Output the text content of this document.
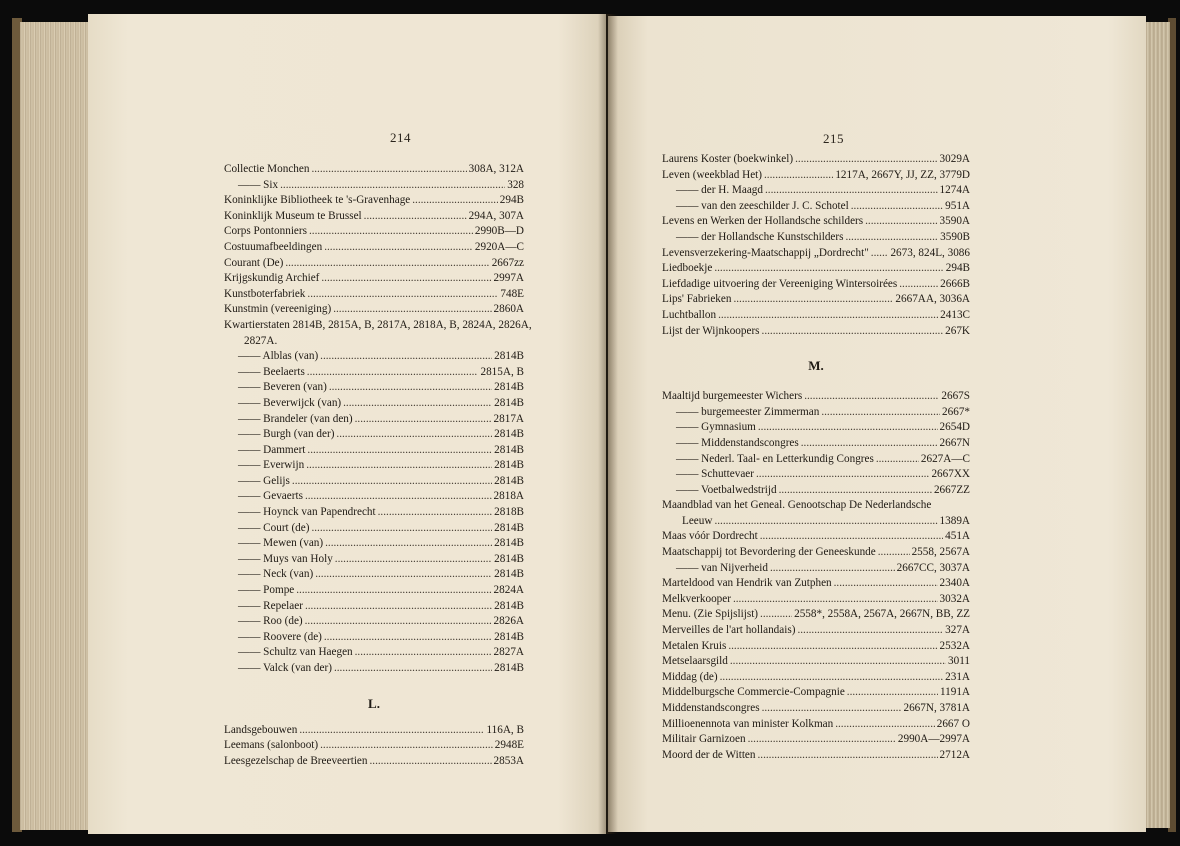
214
Collectie Monchen . . .	308A, 312A
—— Six . . .	328
Koninklijke Bibliotheek te 's-Gravenhage . . .	294B
Koninklijk Museum te Brussel . . .	294A, 307A
Corps Pontonniers . . .	2990B—D
Costuumafbeeldingen . . .	2920A—C
Courant (De) . . .	2667zz
Krijgskundig Archief . . .	2997A
Kunstboterfabriek . . .	748E
Kunstmin (vereeniging) . . .	2860A
Kwartierstaten 2814B, 2815A, B, 2817A, 2818A, B, 2824A, 2826A,
2827A.
—— Alblas (van) . . .	2814B
—— Beelaerts . . .	2815A, B
—— Beveren (van) . . .	2814B
—— Beverwijck (van) . . .	2814B
—— Brandeler (van den) . . .	2817A
—— Burgh (van der) . . .	2814B
—— Dammert . . .	2814B
—— Everwijn . . .	2814B
—— Gelijs . . .	2814B
—— Gevaerts . . .	2818A
—— Hoynck van Papendrecht . . .	2818B
—— Court (de) . . .	2814B
—— Mewen (van) . . .	2814B
—— Muys van Holy . . .	2814B
—— Neck (van) . . .	2814B
—— Pompe . . .	2824A
—— Repelaer . . .	2814B
—— Roo (de) . . .	2826A
—— Roovere (de) . . .	2814B
—— Schultz van Haegen . . .	2827A
—— Valck (van der) . . .	2814B
L.
Landsgebouwen . . .	116A, B
Leemans (salonboot) . . .	2948E
Leesgezelschap de Breeveertien . . .	2853A
215
Laurens Koster (boekwinkel) . . .	3029A
Leven (weekblad Het) . . .	1217A, 2667Y, JJ, ZZ, 3779D
—— der H. Maagd . . .	1274A
—— van den zeeschilder J. C. Schotel . . .	951A
Levens en Werken der Hollandsche schilders . . .	3590A
—— der Hollandsche Kunstschilders . . .	3590B
Levensverzekering-Maatschappij „Dordrecht" . . . 2673, 824L, 3086
Liedboekje . . .	294B
Liefdadige uitvoering der Vereeniging Wintersoirées . . .	2666B
Lips' Fabrieken . . .	2667AA, 3036A
Luchtballon . . .	2413C
Lijst der Wijnkoopers . . .	267K
M.
Maaltijd burgemeester Wichers . . .	2667S
—— burgemeester Zimmerman . . .	2667*
—— Gymnasium . . .	2654D
—— Middenstandscongres . . .	2667N
—— Nederl. Taal- en Letterkundig Congres . . .	2627A—C
—— Schuttevaer . . .	2667XX
—— Voetbalwedstrijd . . .	2667ZZ
Maandblad van het Geneal. Genootschap De Nederlandsche
Leeuw . . .	1389A
Maas vóór Dordrecht . . .	451A
Maatschappij tot Bevordering der Geneeskunde . . .	2558, 2567A
—— van Nijverheid . . .	2667CC, 3037A
Marteldood van Hendrik van Zutphen . . .	2340A
Melkverkooper . . .	3032A
Menu. (Zie Spijslijst) . . .	2558*, 2558A, 2567A, 2667N, BB, ZZ
Merveilles de l'art hollandais) . . .	327A
Metalen Kruis . . .	2532A
Metselaarsgild . . .	3011
Middag (de) . . .	231A
Middelburgsche Commercie-Compagnie . . .	1191A
Middenstandscongres . . .	2667N, 3781A
Millioenennota van minister Kolkman . . .	2667 O
Militair Garnizoen . . .	2990A—2997A
Moord der de Witten . . .	2712A
